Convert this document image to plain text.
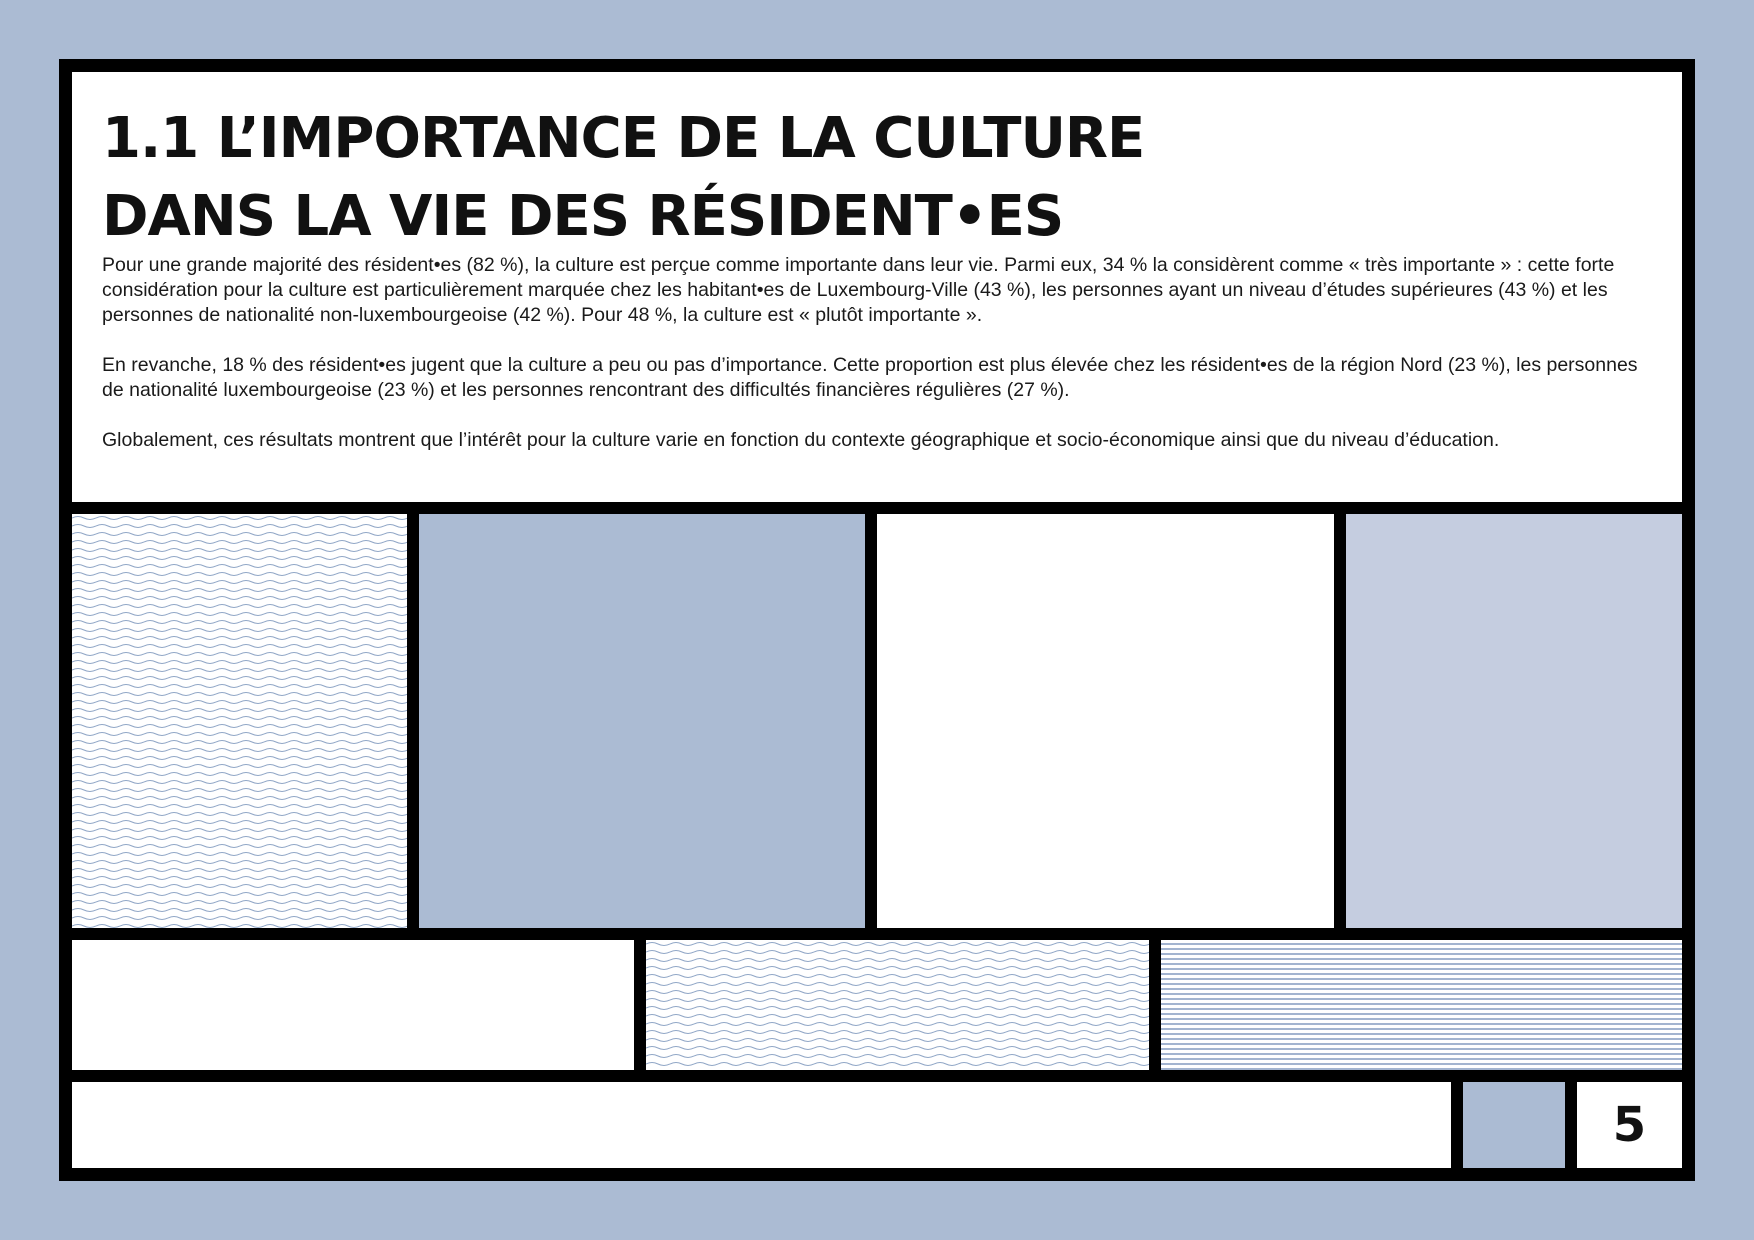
1.1 L’IMPORTANCE DE LA CULTURE
DANS LA VIE DES RÉSIDENT•ES

Pour une grande majorité des résident•es (82 %), la culture est perçue comme importante dans leur vie. Parmi eux, 34 % la considèrent comme « très importante » : cette forte considération pour la culture est particulièrement marquée chez les habitant•es de Luxembourg-Ville (43 %), les personnes ayant un niveau d’études supérieures (43 %) et les personnes de nationalité non-luxembourgeoise (42 %). Pour 48 %, la culture est « plutôt importante ».

En revanche, 18 % des résident•es jugent que la culture a peu ou pas d’importance. Cette proportion est plus élevée chez les résident•es de la région Nord (23 %), les personnes de nationalité luxembourgeoise (23 %) et les personnes rencontrant des difficultés financières régulières (27 %).

Globalement, ces résultats montrent que l’intérêt pour la culture varie en fonction du contexte géographique et socio-économique ainsi que du niveau d’éducation.

5
